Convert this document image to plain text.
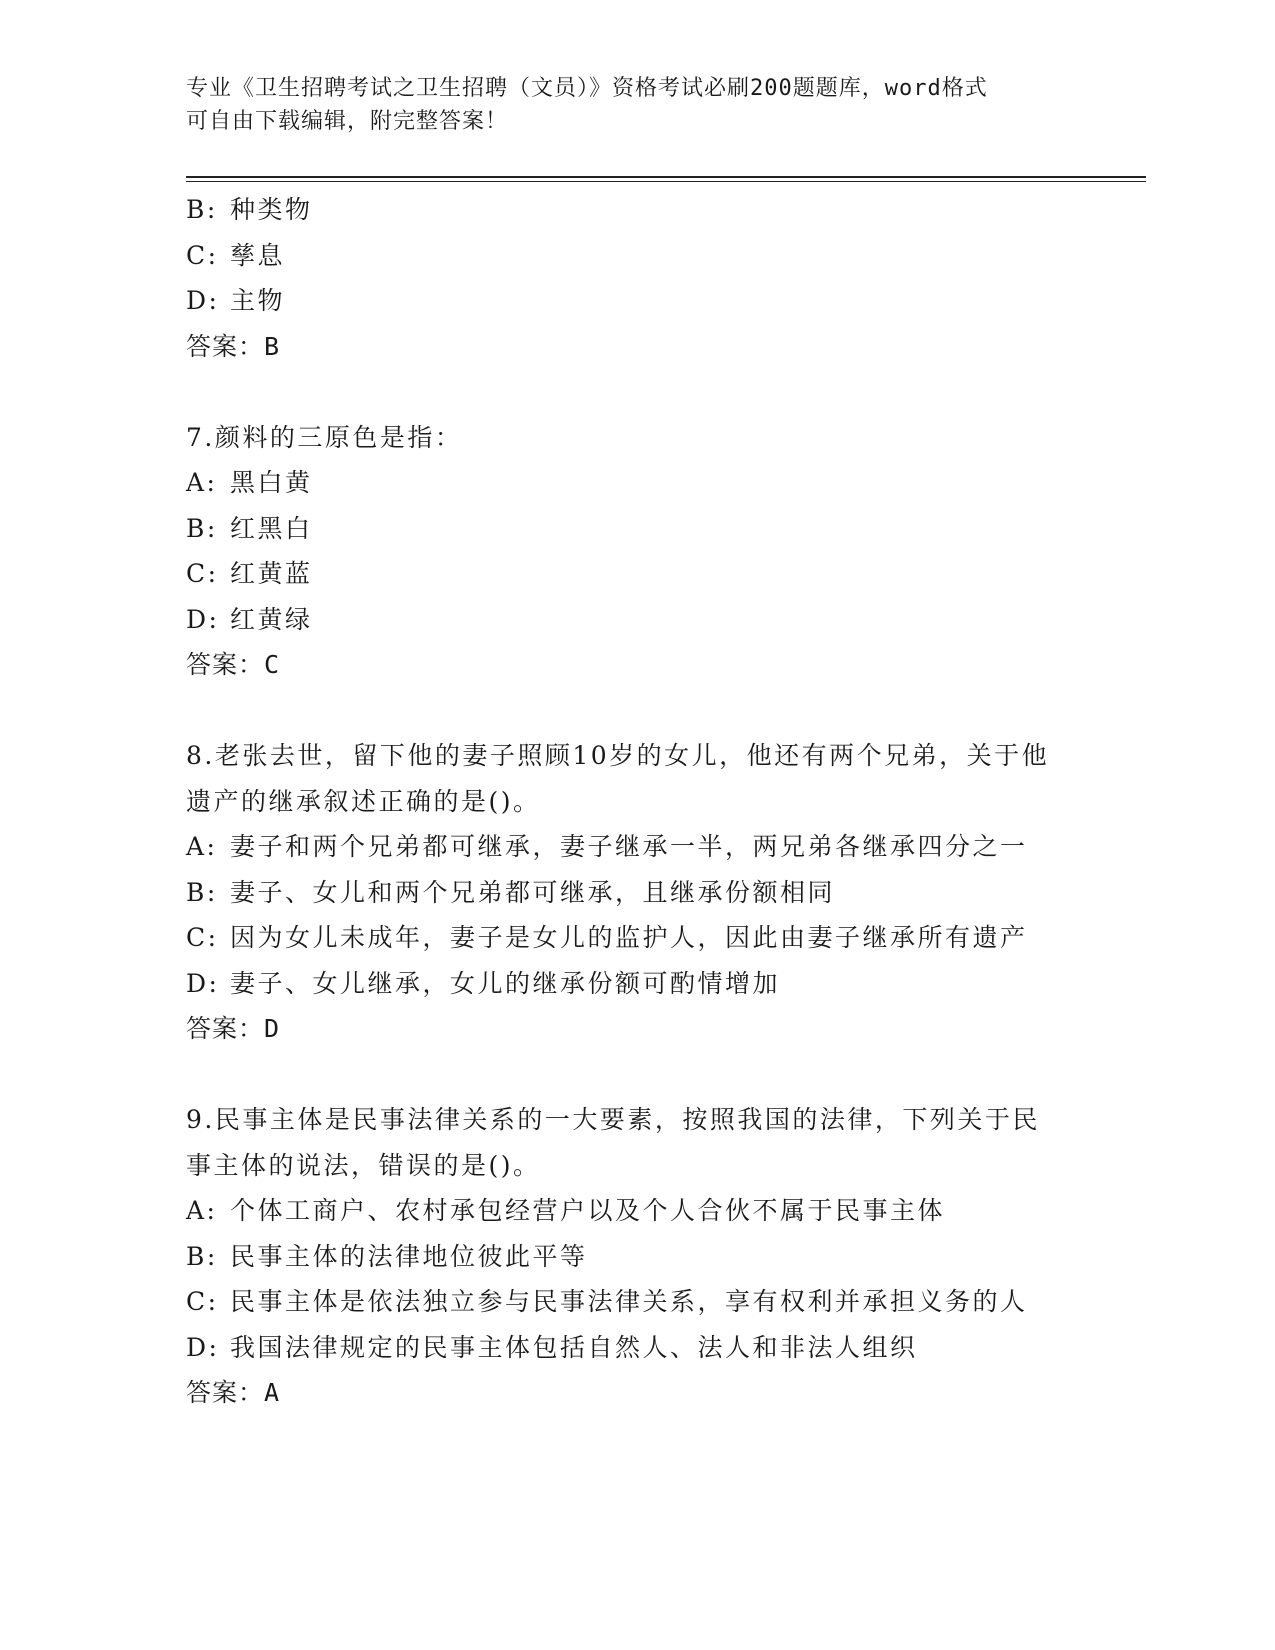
专业《卫生招聘考试之卫生招聘（文员）》资格考试必刷200题题库，word格式
可自由下载编辑，附完整答案！
B: 种类物
C: 孳息
D: 主物
答案：B
7.颜料的三原色是指：
A: 黑白黄
B: 红黑白
C: 红黄蓝
D: 红黄绿
答案：C
8.老张去世，留下他的妻子照顾10岁的女儿，他还有两个兄弟，关于他遗产的继承叙述正确的是()。
A: 妻子和两个兄弟都可继承，妻子继承一半，两兄弟各继承四分之一
B: 妻子、女儿和两个兄弟都可继承，且继承份额相同
C: 因为女儿未成年，妻子是女儿的监护人，因此由妻子继承所有遗产
D: 妻子、女儿继承，女儿的继承份额可酌情增加
答案：D
9.民事主体是民事法律关系的一大要素，按照我国的法律，下列关于民事主体的说法，错误的是()。
A: 个体工商户、农村承包经营户以及个人合伙不属于民事主体
B: 民事主体的法律地位彼此平等
C: 民事主体是依法独立参与民事法律关系，享有权利并承担义务的人
D: 我国法律规定的民事主体包括自然人、法人和非法人组织
答案：A
